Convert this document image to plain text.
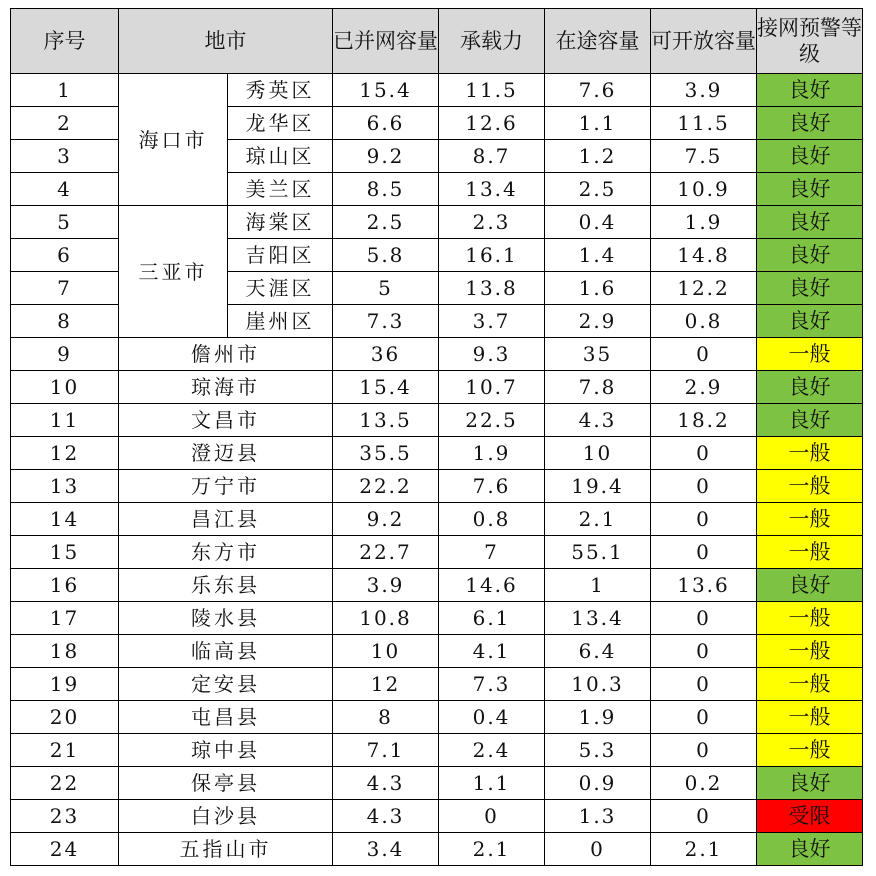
序号	地市		已并网容量	承载力	在途容量	可开放容量	接网预警等级
1	海口市	秀英区	15.4	11.5	7.6	3.9	良好
2		龙华区	6.6	12.6	1.1	11.5	良好
3		琼山区	9.2	8.7	1.2	7.5	良好
4		美兰区	8.5	13.4	2.5	10.9	良好
5	三亚市	海棠区	2.5	2.3	0.4	1.9	良好
6		吉阳区	5.8	16.1	1.4	14.8	良好
7		天涯区	5	13.8	1.6	12.2	良好
8		崖州区	7.3	3.7	2.9	0.8	良好
9	儋州市		36	9.3	35	0	一般
10	琼海市		15.4	10.7	7.8	2.9	良好
11	文昌市		13.5	22.5	4.3	18.2	良好
12	澄迈县		35.5	1.9	10	0	一般
13	万宁市		22.2	7.6	19.4	0	一般
14	昌江县		9.2	0.8	2.1	0	一般
15	东方市		22.7	7	55.1	0	一般
16	乐东县		3.9	14.6	1	13.6	良好
17	陵水县		10.8	6.1	13.4	0	一般
18	临高县		10	4.1	6.4	0	一般
19	定安县		12	7.3	10.3	0	一般
20	屯昌县		8	0.4	1.9	0	一般
21	琼中县		7.1	2.4	5.3	0	一般
22	保亭县		4.3	1.1	0.9	0.2	良好
23	白沙县		4.3	0	1.3	0	受限
24	五指山市		3.4	2.1	0	2.1	良好
